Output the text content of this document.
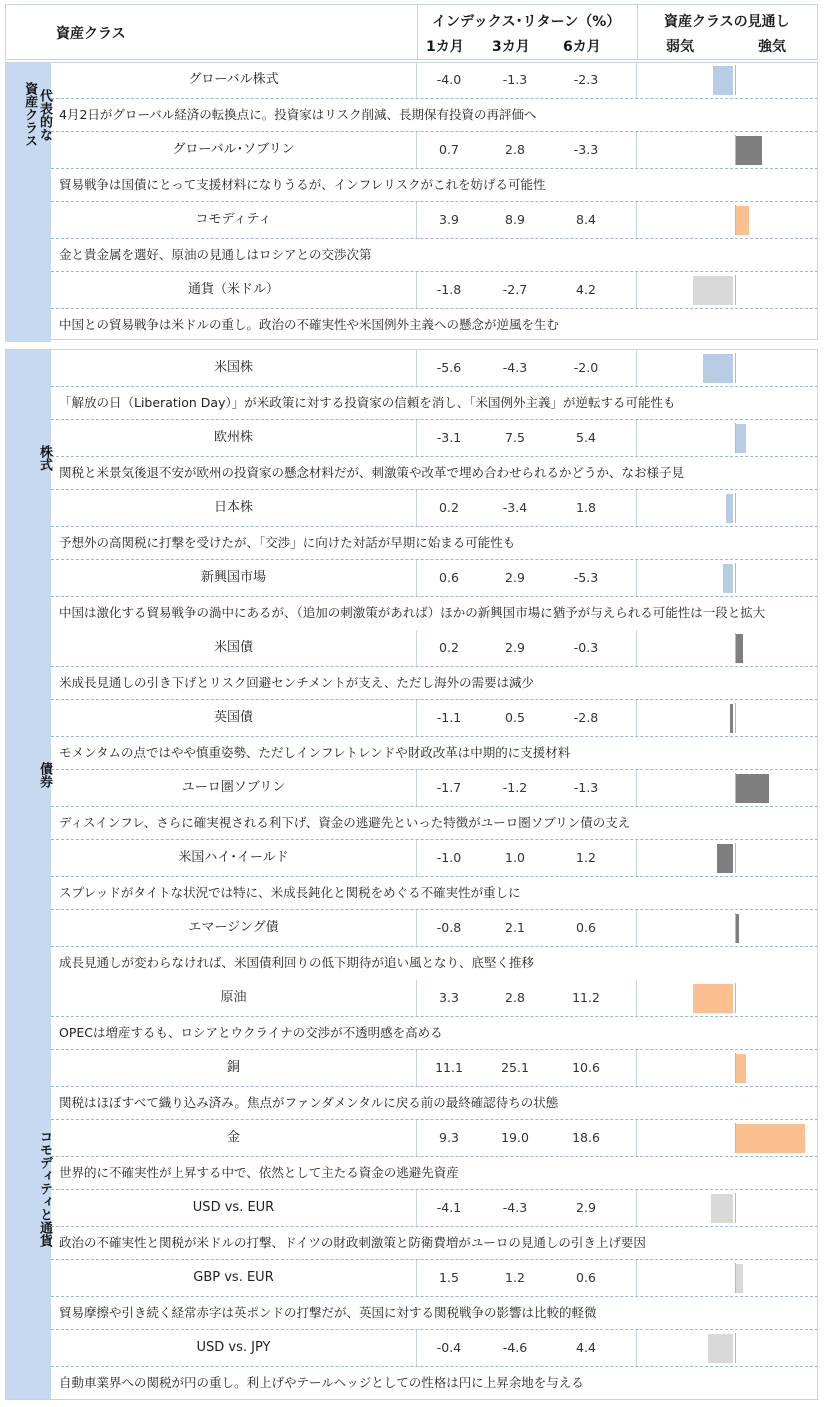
資産クラス
インデックス･リターン（%）
1カ月 3カ月 6カ月
資産クラスの見通し
弱気	強気
代表的な
資産クラス
グローバル株式	-4.0	-1.3	-2.3
4月2日がグローバル経済の転換点に。投資家はリスク削減、長期保有投資の再評価へ
グローバル･ソブリン	0.7	2.8	-3.3
貿易戦争は国債にとって支援材料になりうるが、インフレリスクがこれを妨げる可能性
コモディティ	3.9	8.9	8.4
金と貴金属を選好、原油の見通しはロシアとの交渉次第
通貨（米ドル）	-1.8	-2.7	4.2
中国との貿易戦争は米ドルの重し。政治の不確実性や米国例外主義への懸念が逆風を生む
株式
米国株	-5.6	-4.3	-2.0
「解放の日（Liberation Day）」が米政策に対する投資家の信頼を消し、「米国例外主義」が逆転する可能性も
欧州株	-3.1	7.5	5.4
関税と米景気後退不安が欧州の投資家の懸念材料だが、刺激策や改革で埋め合わせられるかどうか、なお様子見
日本株	0.2	-3.4	1.8
予想外の高関税に打撃を受けたが、「交渉」に向けた対話が早期に始まる可能性も
新興国市場	0.6	2.9	-5.3
中国は激化する貿易戦争の渦中にあるが、（追加の刺激策があれば）ほかの新興国市場に猶予が与えられる可能性は一段と拡大
債券
米国債	0.2	2.9	-0.3
米成長見通しの引き下げとリスク回避センチメントが支え、ただし海外の需要は減少
英国債	-1.1	0.5	-2.8
モメンタムの点ではやや慎重姿勢、ただしインフレトレンドや財政改革は中期的に支援材料
ユーロ圏ソブリン	-1.7	-1.2	-1.3
ディスインフレ、さらに確実視される利下げ、資金の逃避先といった特徴がユーロ圏ソブリン債の支え
米国ハイ･イールド	-1.0	1.0	1.2
スプレッドがタイトな状況では特に、米成長鈍化と関税をめぐる不確実性が重しに
エマージング債	-0.8	2.1	0.6
成長見通しが変わらなければ、米国債利回りの低下期待が追い風となり、底堅く推移
コモディティと通貨
原油	3.3	2.8	11.2
OPECは増産するも、ロシアとウクライナの交渉が不透明感を高める
銅	11.1	25.1	10.6
関税はほぼすべて織り込み済み。焦点がファンダメンタルに戻る前の最終確認待ちの状態
金	9.3	19.0	18.6
世界的に不確実性が上昇する中で、依然として主たる資金の逃避先資産
USD vs. EUR	-4.1	-4.3	2.9
政治の不確実性と関税が米ドルの打撃、ドイツの財政刺激策と防衛費増がユーロの見通しの引き上げ要因
GBP vs. EUR	1.5	1.2	0.6
貿易摩擦や引き続く経常赤字は英ポンドの打撃だが、英国に対する関税戦争の影響は比較的軽微
USD vs. JPY	-0.4	-4.6	4.4
自動車業界への関税が円の重し。利上げやテールヘッジとしての性格は円に上昇余地を与える
